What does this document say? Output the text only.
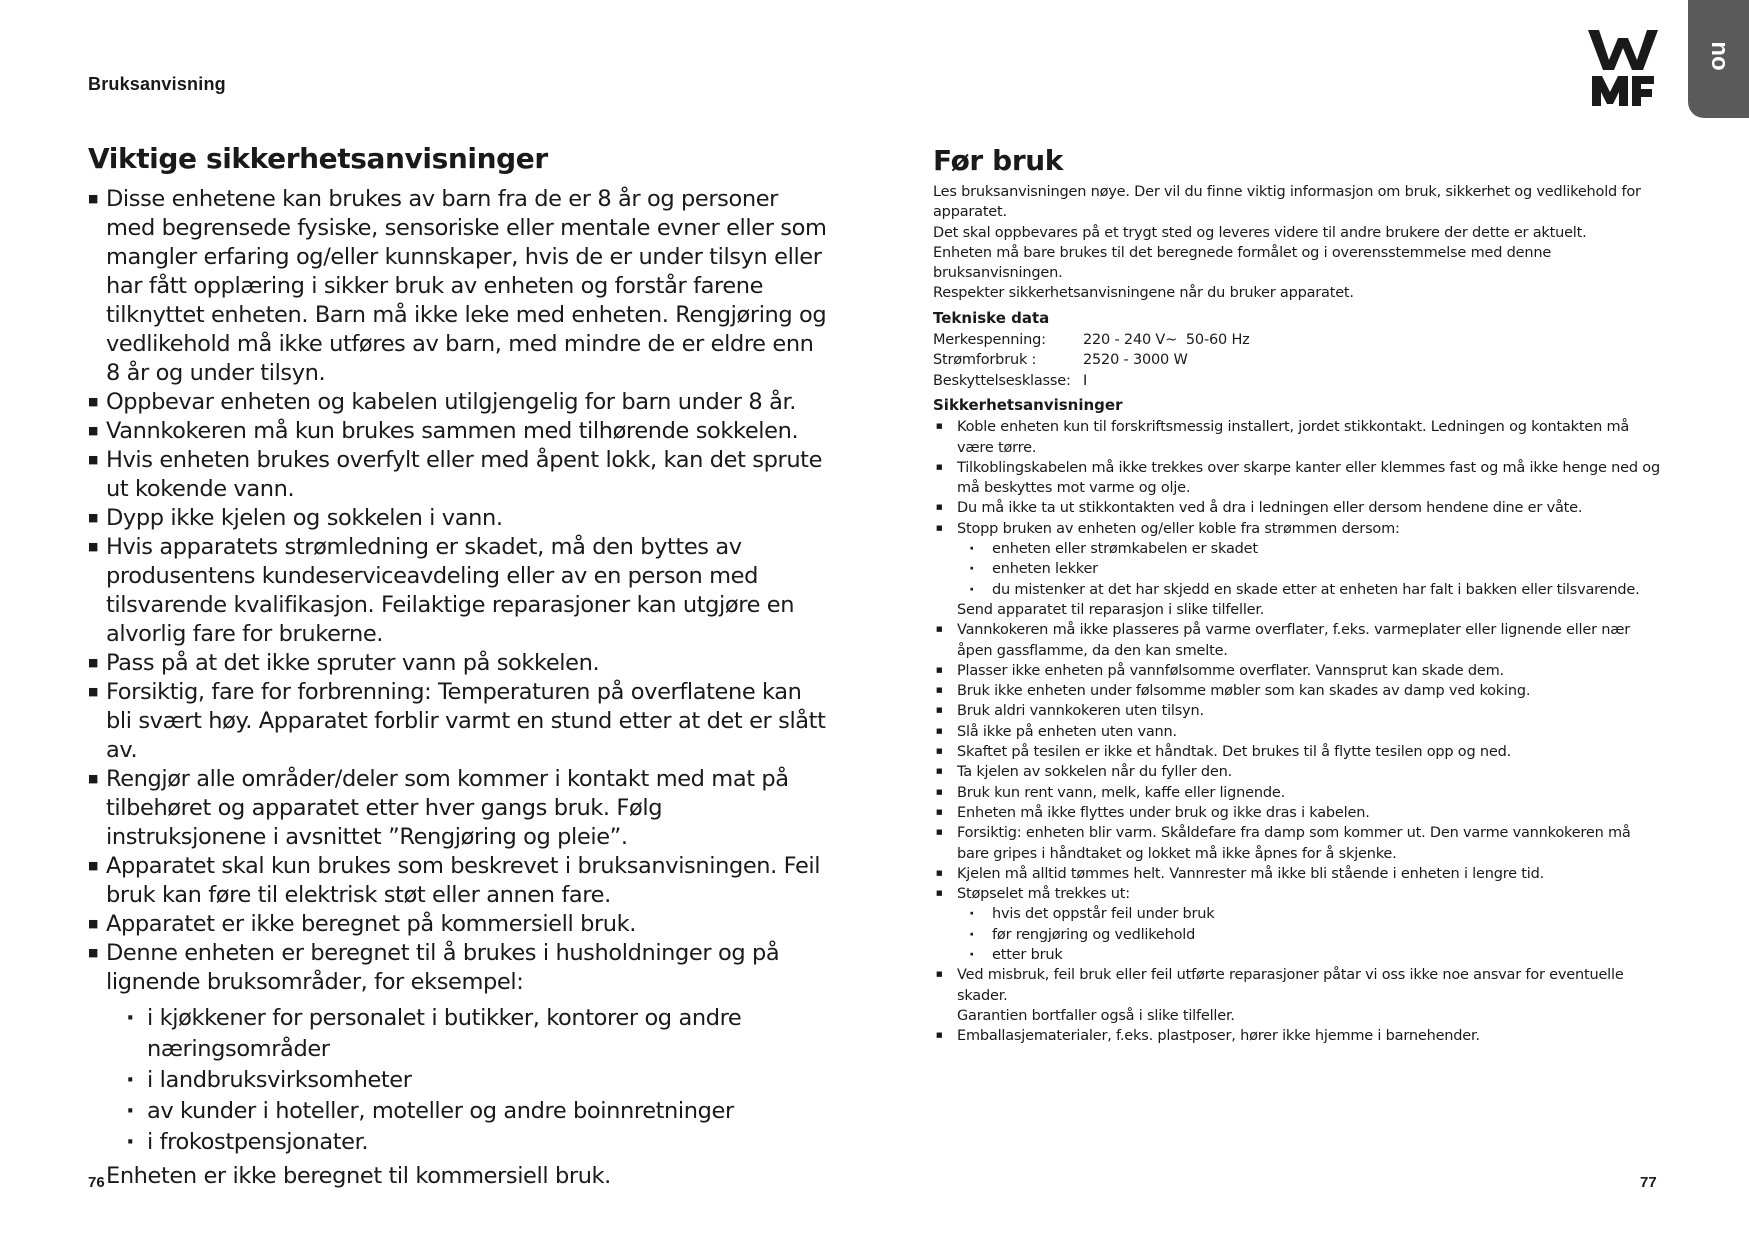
Bruksanvisning
no
Viktige sikkerhetsanvisninger
■ Disse enhetene kan brukes av barn fra de er 8 år og personer med begrensede fysiske, sensoriske eller mentale evner eller som mangler erfaring og/eller kunnskaper, hvis de er under tilsyn eller har fått opplæring i sikker bruk av enheten og forstår farene tilknyttet enheten. Barn må ikke leke med enheten. Rengjøring og vedlikehold må ikke utføres av barn, med mindre de er eldre enn 8 år og under tilsyn.
■ Oppbevar enheten og kabelen utilgjengelig for barn under 8 år.
■ Vannkokeren må kun brukes sammen med tilhørende sokkelen.
■ Hvis enheten brukes overfylt eller med åpent lokk, kan det sprute ut kokende vann.
■ Dypp ikke kjelen og sokkelen i vann.
■ Hvis apparatets strømledning er skadet, må den byttes av produsentens kundeserviceavdeling eller av en person med tilsvarende kvalifikasjon. Feilaktige reparasjoner kan utgjøre en alvorlig fare for brukerne.
■ Pass på at det ikke spruter vann på sokkelen.
■ Forsiktig, fare for forbrenning: Temperaturen på overflatene kan bli svært høy. Apparatet forblir varmt en stund etter at det er slått av.
■ Rengjør alle områder/deler som kommer i kontakt med mat på tilbehøret og apparatet etter hver gangs bruk. Følg instruksjonene i avsnittet ”Rengjøring og pleie”.
■ Apparatet skal kun brukes som beskrevet i bruksanvisningen. Feil bruk kan føre til elektrisk støt eller annen fare.
■ Apparatet er ikke beregnet på kommersiell bruk.
■ Denne enheten er beregnet til å brukes i husholdninger og på lignende bruksområder, for eksempel:
· i kjøkkener for personalet i butikker, kontorer og andre næringsområder
· i landbruksvirksomheter
· av kunder i hoteller, moteller og andre boinnretninger
· i frokostpensjonater.
Enheten er ikke beregnet til kommersiell bruk.
Før bruk

Les bruksanvisningen nøye. Der vil du finne viktig informasjon om bruk, sikkerhet og vedlikehold for apparatet.

Det skal oppbevares på et trygt sted og leveres videre til andre brukere der dette er aktuelt.

Enheten må bare brukes til det beregnede formålet og i overensstemmelse med denne bruksanvisningen.

Respekter sikkerhetsanvisningene når du bruker apparatet.

Tekniske data
Merkespenning:	220 - 240 V~  50-60 Hz
Strømforbruk :	2520 - 3000 W
Beskyttelsesklasse: I
Sikkerhetsanvisninger
■ Koble enheten kun til forskriftsmessig installert, jordet stikkontakt. Ledningen og kontakten må være tørre.
■ Tilkoblingskabelen må ikke trekkes over skarpe kanter eller klemmes fast og må ikke henge ned og må beskyttes mot varme og olje.
■ Du må ikke ta ut stikkontakten ved å dra i ledningen eller dersom hendene dine er våte.
■ Stopp bruken av enheten og/eller koble fra strømmen dersom:
· enheten eller strømkabelen er skadet
· enheten lekker
· du mistenker at det har skjedd en skade etter at enheten har falt i bakken eller tilsvarende.
Send apparatet til reparasjon i slike tilfeller.
■ Vannkokeren må ikke plasseres på varme overflater, f.eks. varmeplater eller lignende eller nær åpen gassflamme, da den kan smelte.
■ Plasser ikke enheten på vannfølsomme overflater. Vannsprut kan skade dem.
■ Bruk ikke enheten under følsomme møbler som kan skades av damp ved koking.
■ Bruk aldri vannkokeren uten tilsyn.
■ Slå ikke på enheten uten vann.
■ Skaftet på tesilen er ikke et håndtak. Det brukes til å flytte tesilen opp og ned.
■ Ta kjelen av sokkelen når du fyller den.
■ Bruk kun rent vann, melk, kaffe eller lignende.
■ Enheten må ikke flyttes under bruk og ikke dras i kabelen.
■ Forsiktig: enheten blir varm. Skåldefare fra damp som kommer ut. Den varme vannkokeren må bare gripes i håndtaket og lokket må ikke åpnes for å skjenke.
■ Kjelen må alltid tømmes helt. Vannrester må ikke bli stående i enheten i lengre tid.
■ Støpselet må trekkes ut:
· hvis det oppstår feil under bruk
· før rengjøring og vedlikehold
· etter bruk
■ Ved misbruk, feil bruk eller feil utførte reparasjoner påtar vi oss ikke noe ansvar for eventuelle skader.
Garantien bortfaller også i slike tilfeller.
■ Emballasjematerialer, f.eks. plastposer, hører ikke hjemme i barnehender.
76	77
